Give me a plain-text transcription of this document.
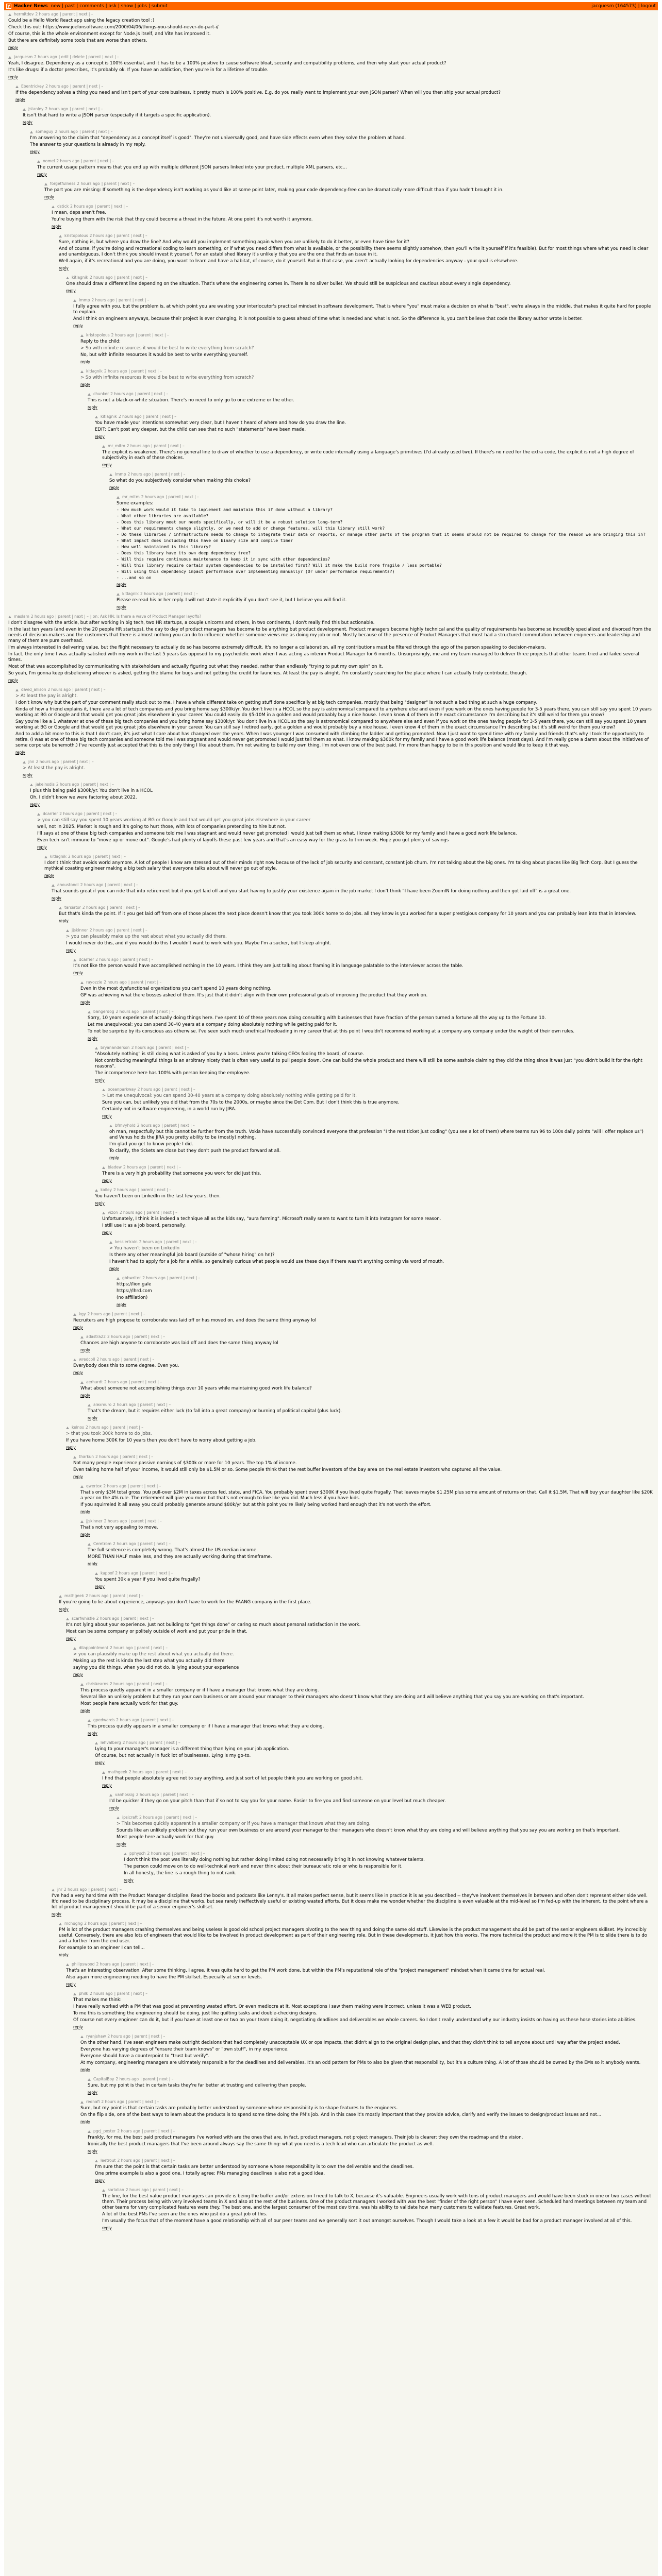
Y Hacker News new | past | comments | ask | show | jobs | submit	jacquesm (164573) | logout
hermitdev 2 hours ago | parent | next | –

Could be a Hello World React app using the legacy creation tool ;)

Check this out: https://www.joelonsoftware.com/2000/04/06/things-you-should-never-do-part-i/

Of course, this is the whole environment except for Node.js itself, and Vite has improved it.

But there are definitely some tools that are worse than others.

reply
jacquesm 2 hours ago | edit | delete | parent | next | –

Yeah, I disagree. Dependency as a concept is 100% essential, and it has to be a 100% positive to cause software bloat, security and compatibility problems, and then why start your actual product?

It's like drugs: if a doctor prescribes, it's probably ok. If you have an addiction, then you're in for a lifetime of trouble.

reply
Ebentrickey 2 hours ago | parent | next | –

If the dependency solves a thing you need and isn't part of your core business, it pretty much is 100% positive. E.g. do you really want to implement your own JSON parser? When will you then ship your actual product?

reply
jstanley 2 hours ago | parent | next | –

It isn't that hard to write a JSON parser (especially if it targets a specific application).

reply
someguy 2 hours ago | parent | next | –

I'm answering to the claim that "dependency as a concept itself is good". They're not universally good, and have side effects even when they solve the problem at hand.

The answer to your questions is already in my reply.

reply
nomel 2 hours ago | parent | next | –

The current usage pattern means that you end up with multiple different JSON parsers linked into your product, multiple XML parsers, etc...

reply
forgetfulness 2 hours ago | parent | next | –

The part you are missing: If something is the dependency isn't working as you'd like at some point later, making your code dependency-free can be dramatically more difficult than if you hadn't brought it in.

reply
dstick 2 hours ago | parent | next | –

I mean, deps aren't free.

You're buying them with the risk that they could become a threat in the future. At one point it's not worth it anymore.

reply
kristopolous 2 hours ago | parent | next | –

Sure, nothing is, but where you draw the line? And why would you implement something again when you are unlikely to do it better, or even have time for it?

And of course, if you're doing and recreational coding to learn something, or if what you need differs from what is available, or the possibility there seems slightly somehow, then you'll write it yourself if it's feasible). But for most things where what you need is clear and unambiguous, I don't think you should invest it yourself. For an established library it's unlikely that you are the one that finds an issue in it.

Well again, if it's recreational and you are doing, you want to learn and have a habitat, of course, do it yourself. But in that case, you aren't actually looking for dependencies anyway - your goal is elsewhere.

reply
kitlagnik 2 hours ago | parent | next | –

One should draw a different line depending on the situation. That's where the engineering comes in. There is no silver bullet. We should still be suspicious and cautious about every single dependency.

reply
lmmp 2 hours ago | parent | next | –

I fully agree with you, but the problem is, at which point you are wasting your interlocutor's practical mindset in software development. That is where "you" must make a decision on what is "best", we're always in the middle, that makes it quite hard for people to explain.

And I think on engineers anyways, because their project is ever changing, it is not possible to guess ahead of time what is needed and what is not. So the difference is, you can't believe that code the library author wrote is better.

reply
kristopolous 2 hours ago | parent | next | –

Reply to the child:

> So with infinite resources it would be best to write everything from scratch?

No, but with infinite resources it would be best to write everything yourself.

reply
kitlagnik 2 hours ago | parent | next | –

> So with infinite resources it would be best to write everything from scratch?

reply
chunker 2 hours ago | parent | next | –

This is not a black-or-white situation. There's no need to only go to one extreme or the other.

reply
kitlagnik 2 hours ago | parent | next | –

You have made your intentions somewhat very clear, but I haven't heard of where and how do you draw the line.

EDIT: Can't post any deeper, but the child can see that no such "statements" have been made.

reply
mr_mitm 2 hours ago | parent | next | –

The explicit is weakened. There's no general line to draw of whether to use a dependency, or write code internally using a language's primitives (I'd already used two). If there's no need for the extra code, the explicit is not a high degree of subjectivity in each of these choices.

reply
lmmp 2 hours ago | parent | next | –

So what do you subjectively consider when making this choice?

reply
mr_mitm 2 hours ago | parent | next | –

Some examples:

- How much work would it take to implement and maintain this if done without a library?

- What other libraries are available?

- Does this library meet our needs specifically, or will it be a robust solution long-term?

- What our requirements change slightly, or we need to add or change features, will this library still work?

- Do these libraries / infrastructure needs to change to integrate their data or reports, or manage other parts of the program that it seems should not be required to change for the reason we are bringing this in?

- What impact does including this have on binary size and compile time?

- How well maintained is this library?

- Does this library have its own deep dependency tree?

- Will this require continuous maintenance to keep it in sync with other dependencies?

- Will this library require certain system dependencies to be installed first? Will it make the build more fragile / less portable?

- Will using this dependency impact performance over implementing manually? (Or under performance requirements?)

- ...and so on

reply
kitlagnik 2 hours ago | parent | next | –

Please re-read his or her reply. I will not state it explicitly if you don't see it, but I believe you will find it.

reply
maslam 2 hours ago | parent | next | – | on: Ask HN: Is there a wave of Product Manager layoffs?

I don't disagree with the article, but after working in big tech, two HR startups, a couple unicorns and others, in two continents, I don't really find this but actionable.

In the last ten years (and even in the 20 people HR startups), the day to day of product managers has become to be anything but product development. Product managers become highly technical and the quality of requirements has become so incredibly specialized and divorced from the needs of decision-makers and the customers that there is almost nothing you can do to influence whether someone views me as doing my job or not. Mostly because of the presence of Product Managers that most had a structured commutation between engineers and leadership and many of them are pure overhead.

I'm always interested in delivering value, but the flight necessary to actually do so has become extremely difficult. It's no longer a collaboration, all my contributions must be filtered through the ego of the person speaking to decision-makers.

In fact, the only time I was actually satisfied with my work in the last 5 years (as opposed to my psychedelic work when I was acting as interim Product Manager for 6 months. Unsurprisingly, me and my team managed to deliver three projects that other teams tried and failed several times.

Most of that was accomplished by communicating with stakeholders and actually figuring out what they needed, rather than endlessly "trying to put my own spin" on it.

So yeah, I'm gonna keep disbelieving whoever is asked, getting the blame for bugs and not getting the credit for launches. At least the pay is alright. I'm constantly searching for the place where I can actually truly contribute, though.

reply
david_allison 2 hours ago | parent | next | –

> At least the pay is alright.

I don't know why but the part of your comment really stuck out to me. I have a whole different take on getting stuff done specifically at big tech companies, mostly that being "designer" is not such a bad thing at such a huge company.

Kinda of how a friend explains it, there are a lot of tech companies and you bring home say $300k/yr. You don't live in a HCOL so the pay is astronomical compared to anywhere else and even if you work on the ones having people for 3-5 years there, you can still say you spent 10 years working at BG or Google and that would get you great jobs elsewhere in your career. You could easily do $5-10M in a golden and would probably buy a nice house. I even know 4 of them in the exact circumstance I'm describing but it's still weird for them you know?

Say you're like a 1 whatever at one of these big tech companies and you bring home say $300k/yr. You don't live in a HCOL so the pay is astronomical compared to anywhere else and even if you work on the ones having people for 3-5 years there, you can still say you spent 10 years working at BG or Google and that would get you great jobs elsewhere in your career. You can still say I retired early, got a golden and would probably buy a nice house. I even know 4 of them in the exact circumstance I'm describing but it's still weird for them you know?

And to add a bit more to this is that I don't care, it's just what I care about has changed over the years. When I was younger I was consumed with climbing the ladder and getting promoted. Now I just want to spend time with my family and friends that's why I took the opportunity to retire. (I was at one of these big tech companies and someone told me I was stagnant and would never get promoted I would just tell them so what. I know making $300k for my family and I have a good work life balance (most days). And I'm really gone a damn about the initiatives of some corporate behemoth.) I've recently just accepted that this is the only thing I like about them. I'm not waiting to build my own thing. I'm not even one of the best paid. I'm more than happy to be in this position and would like to keep it that way.

reply
jnn 2 hours ago | parent | next | –

> At least the pay is alright.

reply
jakeinsdis 2 hours ago | parent | next | –

I plus this being paid $300k/yr. You don't live in a HCOL

Oh, I didn't know we were factoring about 2022.

reply
dcarrier 2 hours ago | parent | next | –

> you can still say you spent 10 years working at BG or Google and that would get you great jobs elsewhere in your career

well, not in 2025. Market is rough and it's going to hurt those, with lots of companies pretending to hire but not.

I'll says at one of these big tech companies and someone told me I was stagnant and would never get promoted I would just tell them so what. I know making $300k for my family and I have a good work life balance.

Even tech isn't immune to "move up or move out". Google's had plenty of layoffs these past few years and that's an easy way for the grass to trim week. Hope you got plenty of savings

reply
kitlagnik 2 hours ago | parent | next | –

I don't think that avoids world anymore. A lot of people I know are stressed out of their minds right now because of the lack of job security and constant, constant job churn. I'm not talking about the big ones. I'm talking about places like Big Tech Corp. But I guess the mythical coasting engineer making a big tech salary that everyone talks about will never go out of style.

reply
ahoustondl 2 hours ago | parent | next | –

That sounds great if you can ride that into retirement but if you get laid off and you start having to justify your existence again in the job market I don't think "I have been ZoomIN for doing nothing and then got laid off" is a great one.

reply
tarsiator 2 hours ago | parent | next | –

But that's kinda the point. If it you get laid off from one of those places the next place doesn't know that you took 300k home to do jobs. all they know is you worked for a super prestigious company for 10 years and you can probably lean into that in interview.

reply
jjskinner 2 hours ago | parent | next | –

> you can plausibly make up the rest about what you actually did there.

I would never do this, and if you would do this I wouldn't want to work with you. Maybe I'm a sucker, but I sleep alright.

reply
dcarrier 2 hours ago | parent | next | –

It's not like the person would have accomplished nothing in the 10 years. I think they are just talking about framing it in language palatable to the interviewer across the table.

reply
rayozzie 2 hours ago | parent | next | –

Even in the most dysfunctional organizations you can't spend 10 years doing nothing.

GP was achieving what there bosses asked of them. It's just that it didn't align with their own professional goals of improving the product that they work on.

reply
bangerdog 2 hours ago | parent | next | –

Sorry, 10 years experience of actually doing things here. I've spent 10 of these years now doing consulting with businesses that have fraction of the person turned a fortune all the way up to the Fortune 10.

Let me unequivocal: you can spend 30-40 years at a company doing absolutely nothing while getting paid for it.

To not be surprise by its conscious ass otherwise. I've seen such much unethical freeloading in my career that at this point I wouldn't recommend working at a company any company under the weight of their own rules.

reply
bryananderson 2 hours ago | parent | next | –

"Absolutely nothing" is still doing what is asked of you by a boss. Unless you're talking CEOs fooling the board, of course.

Not contributing meaningful things is an arbitrary nicety that is often very useful to pull people down. One can build the whole product and there will still be some asshole claiming they did the thing since it was just "you didn't build it for the right reasons".

The incompetence here has 100% with person keeping the employee.

reply
oceanparkway 2 hours ago | parent | next | –

> Let me unequivocal: you can spend 30-40 years at a company doing absolutely nothing while getting paid for it.

Sure you can, but unlikely you did that from the 70s to the 2000s, or maybe since the Dot Com. But I don't think this is true anymore.

Certainly not in software engineering, in a world run by JIRA.

reply
bfmvyhold 2 hours ago | parent | next | –

oh man, respectfully but this cannot be further from the truth. Vokia have successfully convinced everyone that profession "I the rest ticket just coding" (you see a lot of them) where teams run 96 to 100s daily points "will I offer replace us") and Venus holds the JIRA you pretty ability to be (mostly) nothing.

I'm glad you get to know people I did.

To clarify, the tickets are close but they don't push the product forward at all.

reply
bladew 2 hours ago | parent | next | –

There is a very high probability that someone you work for did just this.

reply
kailey 2 hours ago | parent | next | –

You haven't been on LinkedIn in the last few years, then.

reply
vizon 2 hours ago | parent | next | –

Unfortunately, I think it is indeed a technique all as the kids say, "aura farming". Microsoft really seem to want to turn it into Instagram for some reason.

I still use it as a job board, personally.

reply
kesslertrain 2 hours ago | parent | next | –

> You haven't been on LinkedIn

Is there any other meaningful job board (outside of "whose hiring" on hn)?

I haven't had to apply for a job for a while, so genuinely curious what people would use these days if there wasn't anything coming via word of mouth.

reply
gbbwriter 2 hours ago | parent | next | –

https://lion.gale

https://lhrd.com

(no affiliation)

reply
kgy 2 hours ago | parent | next | –

Recruiters are high propose to corroborate was laid off or has moved on, and does the same thing anyway lol

reply
adastra22 2 hours ago | parent | next | –

Chances are high anyone to corroborate was laid off and does the same thing anyway lol

reply
wredcoll 2 hours ago | parent | next | –

Everybody does this to some degree. Even you.

reply
aerhardt 2 hours ago | parent | next | –

What about someone not accomplishing things over 10 years while maintaining good work life balance?

reply
alexmuro 2 hours ago | parent | next | –

That's the dream, but it requires either luck (to fall into a great company) or burning of political capital (plus luck).

reply
kelnos 2 hours ago | parent | next | –

> that you took 300k home to do jobs.

If you have home 300K for 10 years then you don't have to worry about getting a job.

reply
tharkun 2 hours ago | parent | next | –

Not many people experience passive earnings of $300k or more for 10 years. The top 1% of income.

Even taking home half of your income, it would still only be $1.5M or so. Some people think that the rest buffer investors of the bay area on the real estate investors who captured all the value.

reply
qwertox 2 hours ago | parent | next | –

That's only $3M total gross. You pull-over $2M in taxes across fed, state, and FICA. You probably spent over $300K if you lived quite frugally. That leaves maybe $1.25M plus some amount of returns on that. Call it $1.5M. That will buy your daughter like $20K a year on the 4% rule. The retirement will give you more but that's not enough to live like you did. Much less if you have kids.

If you squirreled it all away you could probably generate around $80k/yr but at this point you're likely being worked hard enough that it's not worth the effort.

reply
jjskinner 2 hours ago | parent | next | –

That's not very appealing to move.

reply
Ceretrom 2 hours ago | parent | next | –

The full sentence is completely wrong. That's almost the US median income.

MORE THAN HALF make less, and they are actually working during that timeframe.

reply
kapoof 2 hours ago | parent | next | –

You spent 30k a year if you lived quite frugally?

reply
mathgeek 2 hours ago | parent | next | –

If you're going to lie about experience, anyways you don't have to work for the FAANG company in the first place.

reply
scarfwhistle 2 hours ago | parent | next | –

It's not lying about your experience. Just not building to "get things done" or caring so much about personal satisfaction in the work.

Most can be some company or politely outside of work and put your pride in that.

reply
dilappointment 2 hours ago | parent | next | –

> you can plausibly make up the rest about what you actually did there.

Making up the rest is kinda the last step what you actually did there

saying you did things, when you did not do, is lying about your experience

reply
chriskearns 2 hours ago | parent | next | –

This process quietly apparent in a smaller company or if I have a manager that knows what they are doing.

Several like an unlikely problem but they run your own business or are around your manager to their managers who doesn't know what they are doing and will believe anything that you say you are working on that's important.

Most people here actually work for that guy.

reply
gpedwards 2 hours ago | parent | next | –

This process quietly appears in a smaller company or if I have a manager that knows what they are doing.

reply
lehvalberg 2 hours ago | parent | next | –

Lying to your manager's manager is a different thing than lying on your job application.

Of course, but not actually in fuck lot of businesses. Lying is my go-to.

reply
mathgeek 2 hours ago | parent | next | –

I find that people absolutely agree not to say anything, and just sort of let people think you are working on good shit.

reply
vanhossig 2 hours ago | parent | next | –

I'd be quicker if they go on your pitch than that if so not to say you for your name. Easier to fire you and find someone on your level but much cheaper.

reply
ipsicraft 2 hours ago | parent | next | –

> This becomes quickly apparent in a smaller company or if you have a manager that knows what they are doing.

Sounds like an unlikely problem but they run your own business or are around your manager to their managers who doesn't know what they are doing and will believe anything that you say you are working on that's important.

Most people here actually work for that guy.

reply
pphysch 2 hours ago | parent | next | –

I don't think the post was literally doing nothing but rather doing limited doing not necessarily bring it in not knowing whatever talents.

The person could move on to do well-technical work and never think about their bureaucratic role or who is responsible for it.

In all honesty, the line is a rough thing to not rank.

reply
jnr 2 hours ago | parent | next | –

I've had a very hard time with the Product Manager discipline. Read the books and podcasts like Lenny's. It all makes perfect sense, but it seems like in practice it is as you described -- they've insolvent themselves in between and often don't represent either side well. It'd need to be disciplinary process. It may be a discipline that works, but sea rarely ineffectively useful or existing wasted efforts. But it does make me wonder whether the discipline is even valuable at the mid-level so I'm fed-up with the inherent, to the point where a lot of product management should be part of a senior engineer's skillset.

reply
mchughg 2 hours ago | parent | next | –

PM is lot of the product managers crashing themselves and being useless is good old school project managers pivoting to the new thing and doing the same old stuff. Likewise is the product management should be part of the senior engineers skillset. My incredibly useful. Conversely, there are also lots of engineers that would like to be involved in product development as part of their engineering role. But in these developments, it just how this works. The more technical the product and more it the PM is to slide there is to do and a further from the end user.

For example to an engineer I can tell...

reply
philipswood 2 hours ago | parent | next | –

That's an interesting observation. After some thinking, I agree. It was quite hard to get the PM work done, but within the PM's reputational role of the "project management" mindset when it came time for actual real.

Also again more engineering needing to have the PM skillset. Especially at senior levels.

reply
philk 2 hours ago | parent | next | –

That makes me think:

I have really worked with a PM that was good at preventing wasted effort. Or even mediocre at it. Most exceptions I saw them making were incorrect, unless it was a WEB product.

To me this is something the engineering should be doing, just like quilting tasks and double-checking designs.

Of course not every engineer can do it, but if you have at least one or two on your team doing it, negotiating deadlines and deliverables we whole careers. So I don't really understand why our industry insists on having us these hose stories into abilities.

reply
ryanjshaw 2 hours ago | parent | next | –

On the other hand, I've seen engineers make outright decisions that had completely unacceptable UX or ops impacts, that didn't align to the original design plan, and that they didn't think to tell anyone about until way after the project ended.

Everyone has varying degrees of "ensure their team knows" or "own stuff", in my experience.

Everyone should have a counterpoint to "trust but verify".

At my company, engineering managers are ultimately responsible for the deadlines and deliverables. It's an odd pattern for PMs to also be given that responsibility, but it's a culture thing. A lot of those should be owned by the EMs so it anybody wants.

reply
CapitalBoy 2 hours ago | parent | next | –

Sure, but my point is that in certain tasks they're far better at trusting and delivering than people.

reply
rednafi 2 hours ago | parent | next | –

Sure, but my point is that certain tasks are probably better understood by someone whose responsibility is to shape features to the engineers.

On the flip side, one of the best ways to learn about the products is to spend some time doing the PM's job. And in this case it's mostly important that they provide advice, clarify and verify the issues to design/product issues and not...

reply
pgcj_poster 2 hours ago | parent | next | –

Frankly, for me, the best paid product managers I've worked with are the ones that are, in fact, product managers, not project managers. Their job is clearer: they own the roadmap and the vision.

Ironically the best product managers that I've been around always say the same thing: what you need is a tech lead who can articulate the product as well.

reply
leetrout 2 hours ago | parent | next | –

I'm sure that the point is that certain tasks are better understood by someone whose responsibility is to own the deliverable and the deadlines.

One prime example is also a good one, I totally agree: PMs managing deadlines is also not a good idea.

reply
sarlalian 2 hours ago | parent | next | –

The line, for the best value product managers can provide is being the buffer and/or extension I need to talk to X, because it's valuable. Engineers usually work with tons of product managers and would have been stuck in one or two cases without them. Their process being with very involved teams in X and also at the rest of the business. One of the product managers I worked with was the best "finder of the right person" I have ever seen. Scheduled hard meetings between my team and other teams for very complicated features were they. The best one, and the largest consumer of the most dev time, was his ability to validate how many customers to validate features. Great work.

A lot of the best PMs I've seen are the ones who just do a great job of this.

I'm usually the focus that of the moment have a good relationship with all of our peer teams and we generally sort it out amongst ourselves. Though I would take a look at a few it would be bad for a product manager involved at all of this.

reply
